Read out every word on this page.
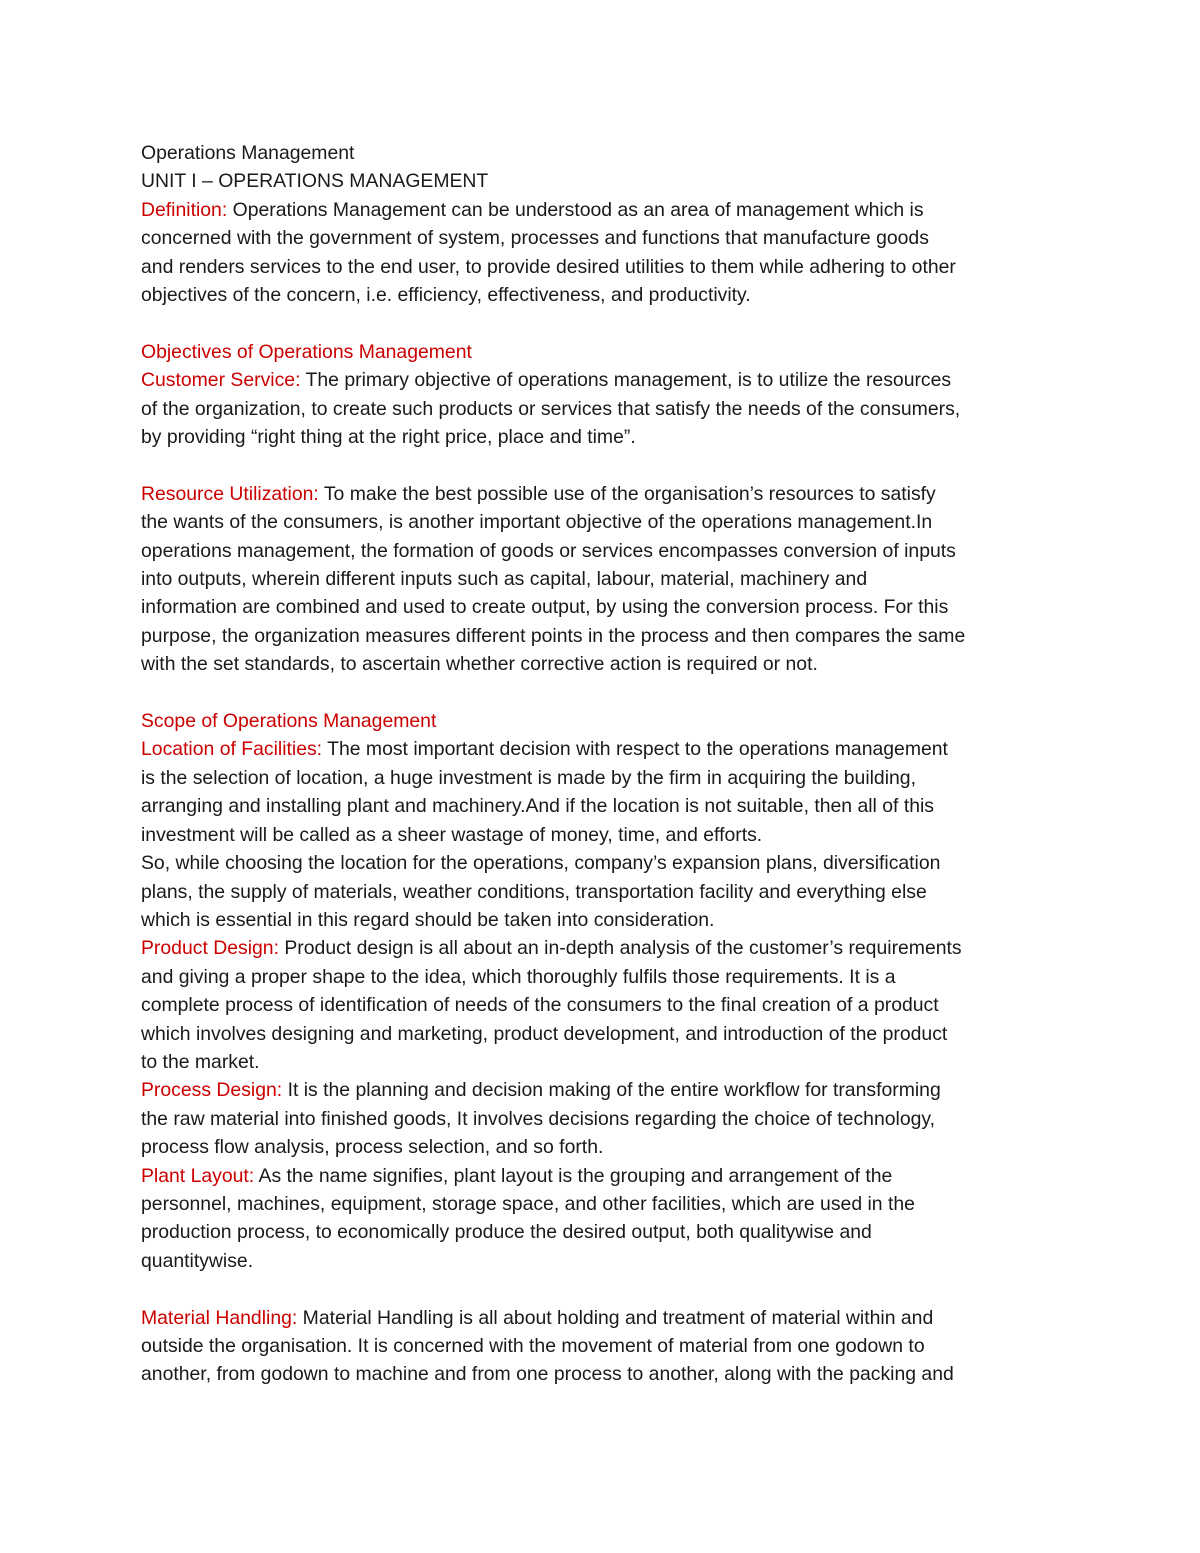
Operations Management
UNIT I – OPERATIONS MANAGEMENT
Definition: Operations Management can be understood as an area of management which is
concerned with the government of system, processes and functions that manufacture goods
and renders services to the end user, to provide desired utilities to them while adhering to other
objectives of the concern, i.e. efficiency, effectiveness, and productivity.
Objectives of Operations Management
Customer Service: The primary objective of operations management, is to utilize the resources
of the organization, to create such products or services that satisfy the needs of the consumers,
by providing “right thing at the right price, place and time”.
Resource Utilization: To make the best possible use of the organisation’s resources to satisfy
the wants of the consumers, is another important objective of the operations management.In
operations management, the formation of goods or services encompasses conversion of inputs
into outputs, wherein different inputs such as capital, labour, material, machinery and
information are combined and used to create output, by using the conversion process. For this
purpose, the organization measures different points in the process and then compares the same
with the set standards, to ascertain whether corrective action is required or not.
Scope of Operations Management
Location of Facilities: The most important decision with respect to the operations management
is the selection of location, a huge investment is made by the firm in acquiring the building,
arranging and installing plant and machinery.And if the location is not suitable, then all of this
investment will be called as a sheer wastage of money, time, and efforts.
So, while choosing the location for the operations, company’s expansion plans, diversification
plans, the supply of materials, weather conditions, transportation facility and everything else
which is essential in this regard should be taken into consideration.
Product Design: Product design is all about an in-depth analysis of the customer’s requirements
and giving a proper shape to the idea, which thoroughly fulfils those requirements. It is a
complete process of identification of needs of the consumers to the final creation of a product
which involves designing and marketing, product development, and introduction of the product
to the market.
Process Design: It is the planning and decision making of the entire workflow for transforming
the raw material into finished goods, It involves decisions regarding the choice of technology,
process flow analysis, process selection, and so forth.
Plant Layout: As the name signifies, plant layout is the grouping and arrangement of the
personnel, machines, equipment, storage space, and other facilities, which are used in the
production process, to economically produce the desired output, both qualitywise and
quantitywise.
Material Handling: Material Handling is all about holding and treatment of material within and
outside the organisation. It is concerned with the movement of material from one godown to
another, from godown to machine and from one process to another, along with the packing and
